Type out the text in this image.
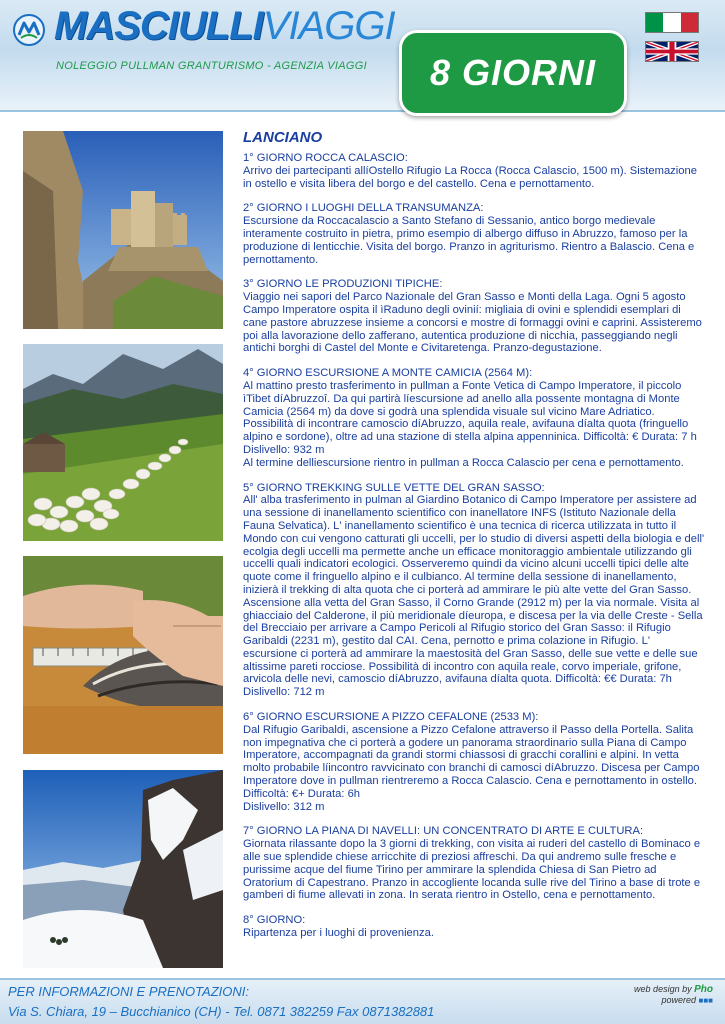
MASCIULLIVIAGGI
NOLEGGIO PULLMAN GRANTURISMO - AGENZIA VIAGGI 8 GIORNI
LANCIANO
1° GIORNO ROCCA CALASCIO:
Arrivo dei partecipanti allíOstello Rifugio La Rocca (Rocca Calascio, 1500 m). Sistemazione in ostello e visita libera del borgo e del castello. Cena e pernottamento.
2° GIORNO I LUOGHI DELLA TRANSUMANZA:
Escursione da Roccacalascio a Santo Stefano di Sessanio, antico borgo medievale interamente costruito in pietra, primo esempio di albergo diffuso in Abruzzo, famoso per la produzione di lenticchie. Visita del borgo. Pranzo in agriturismo. Rientro a Balascio. Cena e pernottamento.
3° GIORNO LE PRODUZIONI TIPICHE:
Viaggio nei sapori del Parco Nazionale del Gran Sasso e Monti della Laga. Ogni 5 agosto Campo Imperatore ospita il ìRaduno degli ovinií: migliaia di ovini e splendidi esemplari di cane pastore abruzzese insieme a concorsi e mostre di formaggi ovini e caprini. Assisteremo poi alla lavorazione dello zafferano, autentica produzione di nicchia, passeggiando negli antichi borghi di Castel del Monte e Civitaretenga. Pranzo-degustazione.
4° GIORNO ESCURSIONE A MONTE CAMICIA (2564 M):
Al mattino presto trasferimento in pullman a Fonte Vetica di Campo Imperatore, il piccolo ìTibet díAbruzzoî. Da qui partirà líescursione ad anello alla possente montagna di Monte Camicia (2564 m) da dove si godrà una splendida visuale sul vicino Mare Adriatico. Possibilità di incontrare camoscio díAbruzzo, aquila reale, avifauna díalta quota (fringuello alpino e sordone), oltre ad una stazione di stella alpina appenninica. Difficoltà: € Durata: 7 h Dislivello: 932 m
Al termine delliescursione rientro in pullman a Rocca Calascio per cena e pernottamento.
5° GIORNO TREKKING SULLE VETTE DEL GRAN SASSO:
All' alba trasferimento in pulman al Giardino Botanico di Campo Imperatore per assistere ad una sessione di inanellamento scientifico con inanellatore INFS (Istituto Nazionale della Fauna Selvatica). L' inanellamento scientifico è una tecnica di ricerca utilizzata in tutto il Mondo con cui vengono catturati gli uccelli, per lo studio di diversi aspetti della biologia e dell' ecolgia degli uccelli ma permette anche un efficace monitoraggio ambientale utilizzando gli uccelli quali indicatori ecologici. Osserveremo quindi da vicino alcuni uccelli tipici delle alte quote come il fringuello alpino e il culbianco. Al termine della sessione di inanellamento, inizierà il trekking di alta quota che ci porterà ad ammirare le più alte vette del Gran Sasso. Ascensione alla vetta del Gran Sasso, il Corno Grande (2912 m) per la via normale. Visita al ghiacciaio del Calderone, il più meridionale díeuropa, e discesa per la via delle Creste - Sella del Brecciaio per arrivare a Campo Pericoli al Rifugio storico del Gran Sasso: il Rifugio Garibaldi (2231 m), gestito dal CAI. Cena, pernotto e prima colazione in Rifugio. L' escursione ci porterà ad ammirare la maestosità del Gran Sasso, delle sue vette e delle sue altissime pareti rocciose. Possibilità di incontro con aquila reale, corvo imperiale, grifone, arvicola delle nevi, camoscio díAbruzzo, avifauna díalta quota. Difficoltà: €€ Durata: 7h Dislivello: 712 m
6° GIORNO ESCURSIONE A PIZZO CEFALONE (2533 M):
Dal Rifugio Garibaldi, ascensione a Pizzo Cefalone attraverso il Passo della Portella. Salita non impegnativa che ci porterà a godere un panorama straordinario sulla Piana di Campo Imperatore, accompagnati da grandi stormi chiassosi di gracchi corallini e alpini. In vetta molto probabile líincontro ravvicinato con branchi di camosci díAbruzzo. Discesa per Campo Imperatore dove in pullman rientreremo a Rocca Calascio. Cena e pernottamento in ostello. Difficoltà: €+ Durata: 6h
Dislivello: 312 m
7° GIORNO LA PIANA DI NAVELLI: UN CONCENTRATO DI ARTE E CULTURA:
Giornata rilassante dopo la 3 giorni di trekking, con visita ai ruderi del castello di Bominaco e alle sue splendide chiese arricchite di preziosi affreschi. Da qui andremo sulle fresche e purissime acque del fiume Tirino per ammirare la splendida Chiesa di San Pietro ad Oratorium di Capestrano. Pranzo in accogliente locanda sulle rive del Tirino a base di trote e gamberi di fiume allevati in zona. In serata rientro in Ostello, cena e pernottamento.
8° GIORNO:
Ripartenza per i luoghi di provenienza.
PER INFORMAZIONI E PRENOTAZIONI:
Via S. Chiara, 19 – Bucchianico (CH) - Tel. 0871 382259 Fax 0871382881
web design by Pho
powered ■■■
